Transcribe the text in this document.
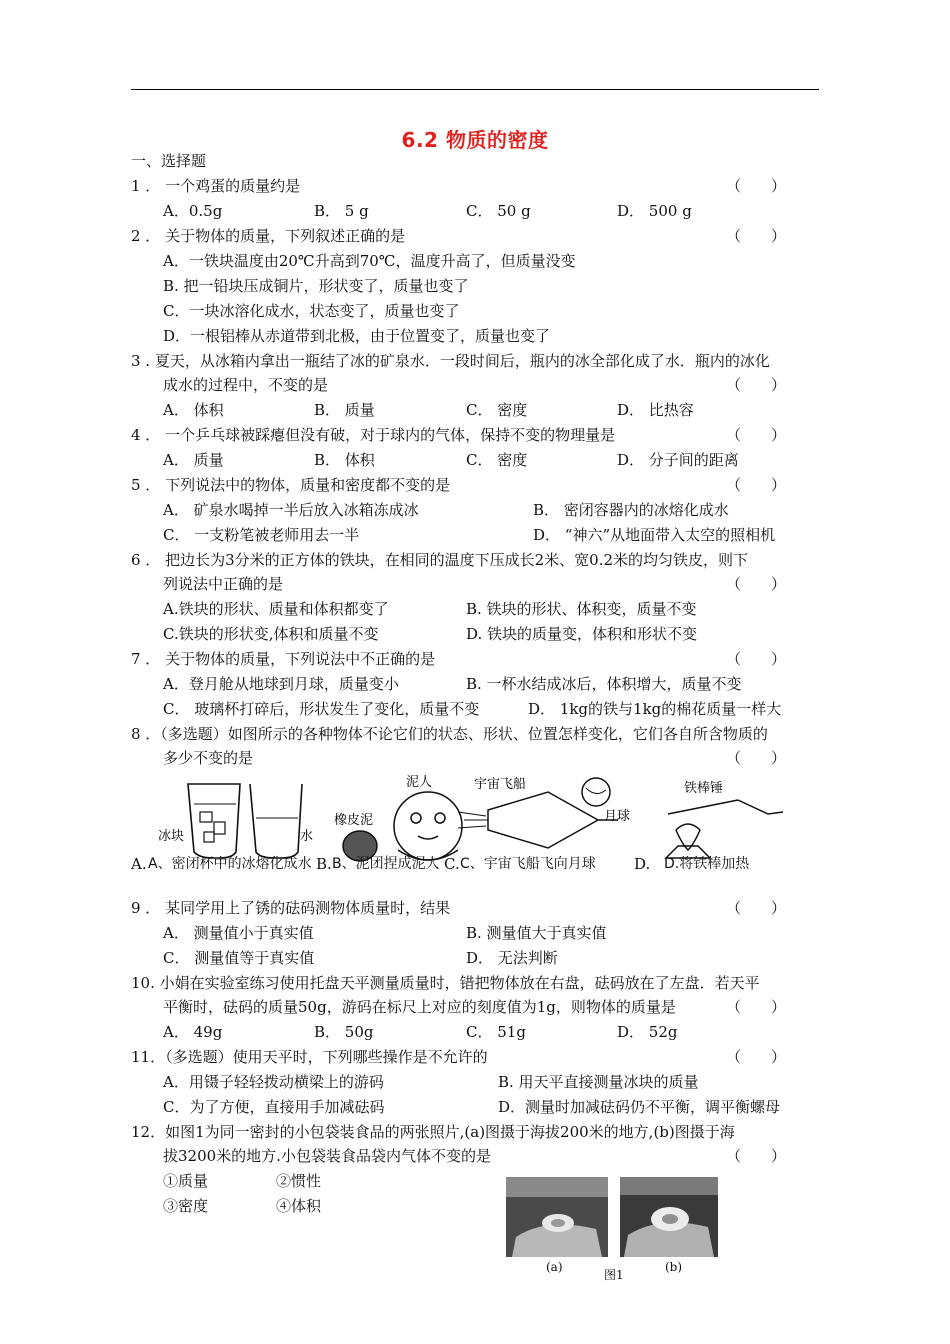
6.2 物质的密度
一、选择题
1 ． 一个鸡蛋的质量约是	（　　）
A．0.5g	B． 5 g	C． 50 g	D． 500 g
2 ． 关于物体的质量，下列叙述正确的是	（　　）
A．一铁块温度由20℃升高到70℃，温度升高了，但质量没变
B. 把一铅块压成铜片，形状变了，质量也变了
C．一块冰溶化成水，状态变了，质量也变了
D．一根铝棒从赤道带到北极，由于位置变了，质量也变了
3 . 夏天，从冰箱内拿出一瓶结了冰的矿泉水．一段时间后，瓶内的冰全部化成了水．瓶内的冰化
成水的过程中，不变的是	（　　）
A． 体积	B． 质量	C． 密度	D． 比热容
4 ． 一个乒乓球被踩瘪但没有破，对于球内的气体，保持不变的物理量是	（　　）
A． 质量	B． 体积	C． 密度	D． 分子间的距离
5 ． 下列说法中的物体，质量和密度都不变的是	（　　）
A． 矿泉水喝掉一半后放入冰箱冻成冰	B． 密闭容器内的冰熔化成水
C． 一支粉笔被老师用去一半	D． “神六”从地面带入太空的照相机
6 ． 把边长为3分米的正方体的铁块，在相同的温度下压成长2米、宽0.2米的均匀铁皮，则下
列说法中正确的是	（　　）
A.铁块的形状、质量和体积都变了	B. 铁块的形状、体积变，质量不变
C.铁块的形状变,体积和质量不变	D. 铁块的质量变，体积和形状不变
7 ． 关于物体的质量，下列说法中不正确的是	（　　）
A．登月舱从地球到月球，质量变小	B. 一杯水结成冰后，体积增大，质量不变
C． 玻璃杯打碎后，形状发生了变化，质量不变	D． 1kg的铁与1kg的棉花质量一样大
8 ．（多选题）如图所示的各种物体不论它们的状态、形状、位置怎样变化，它们各自所含物质的
多少不变的是	（　　）
冰块	水
橡皮泥
泥人	宇宙飞船
月球
铁棒锤
A. A、密闭杯中的冰熔化成水 B. B、泥团捏成泥人 C. C、宇宙飞船飞向月球	D. D.将铁棒加热
9 ． 某同学用上了锈的砝码测物体质量时，结果	（　　）
A． 测量值小于真实值	B. 测量值大于真实值
C． 测量值等于真实值	D． 无法判断
10. 小娟在实验室练习使用托盘天平测量质量时，错把物体放在右盘，砝码放在了左盘．若天平
平衡时，砝码的质量50g，游码在标尺上对应的刻度值为1g，则物体的质量是	（　　）
A． 49g	B． 50g	C． 51g	D． 52g
11．（多选题）使用天平时，下列哪些操作是不允许的	（　　）
A．用镊子轻轻拨动横梁上的游码	B. 用天平直接测量冰块的质量
C．为了方便，直接用手加减砝码	D．测量时加减砝码仍不平衡，调平衡螺母
12．如图1为同一密封的小包袋装食品的两张照片,(a)图摄于海拔200米的地方,(b)图摄于海
拔3200米的地方.小包袋装食品袋内气体不变的是	（　　）
①质量	②惯性
③密度	④体积
(a)	(b)
图1
